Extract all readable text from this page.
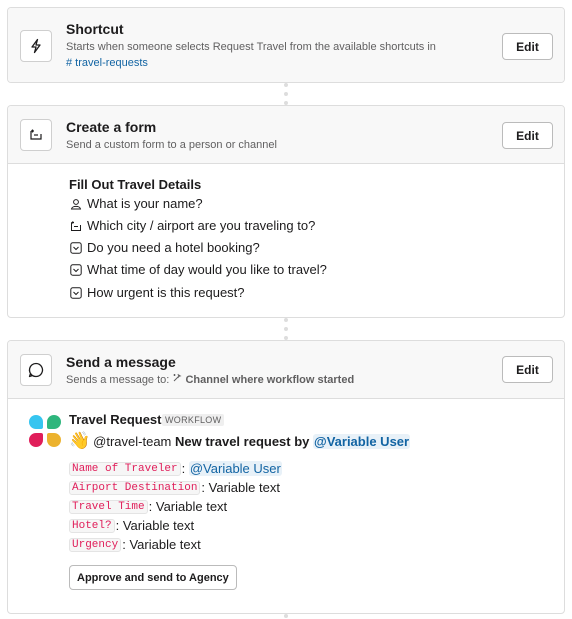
Shortcut
Starts when someone selects Request Travel from the available shortcuts in
# travel-requests
Edit
Create a form
Send a custom form to a person or channel
Edit
Fill Out Travel Details
What is your name?
Which city / airport are you traveling to?
Do you need a hotel booking?
What time of day would you like to travel?
How urgent is this request?
Send a message
Sends a message to: Channel where workflow started
Edit
Travel Request WORKFLOW
👋 @travel-team
New travel request by
@Variable User
Name of Traveler : @Variable User
Airport Destination : Variable text
Travel Time : Variable text
Hotel? : Variable text
Urgency : Variable text
Approve and send to Agency
